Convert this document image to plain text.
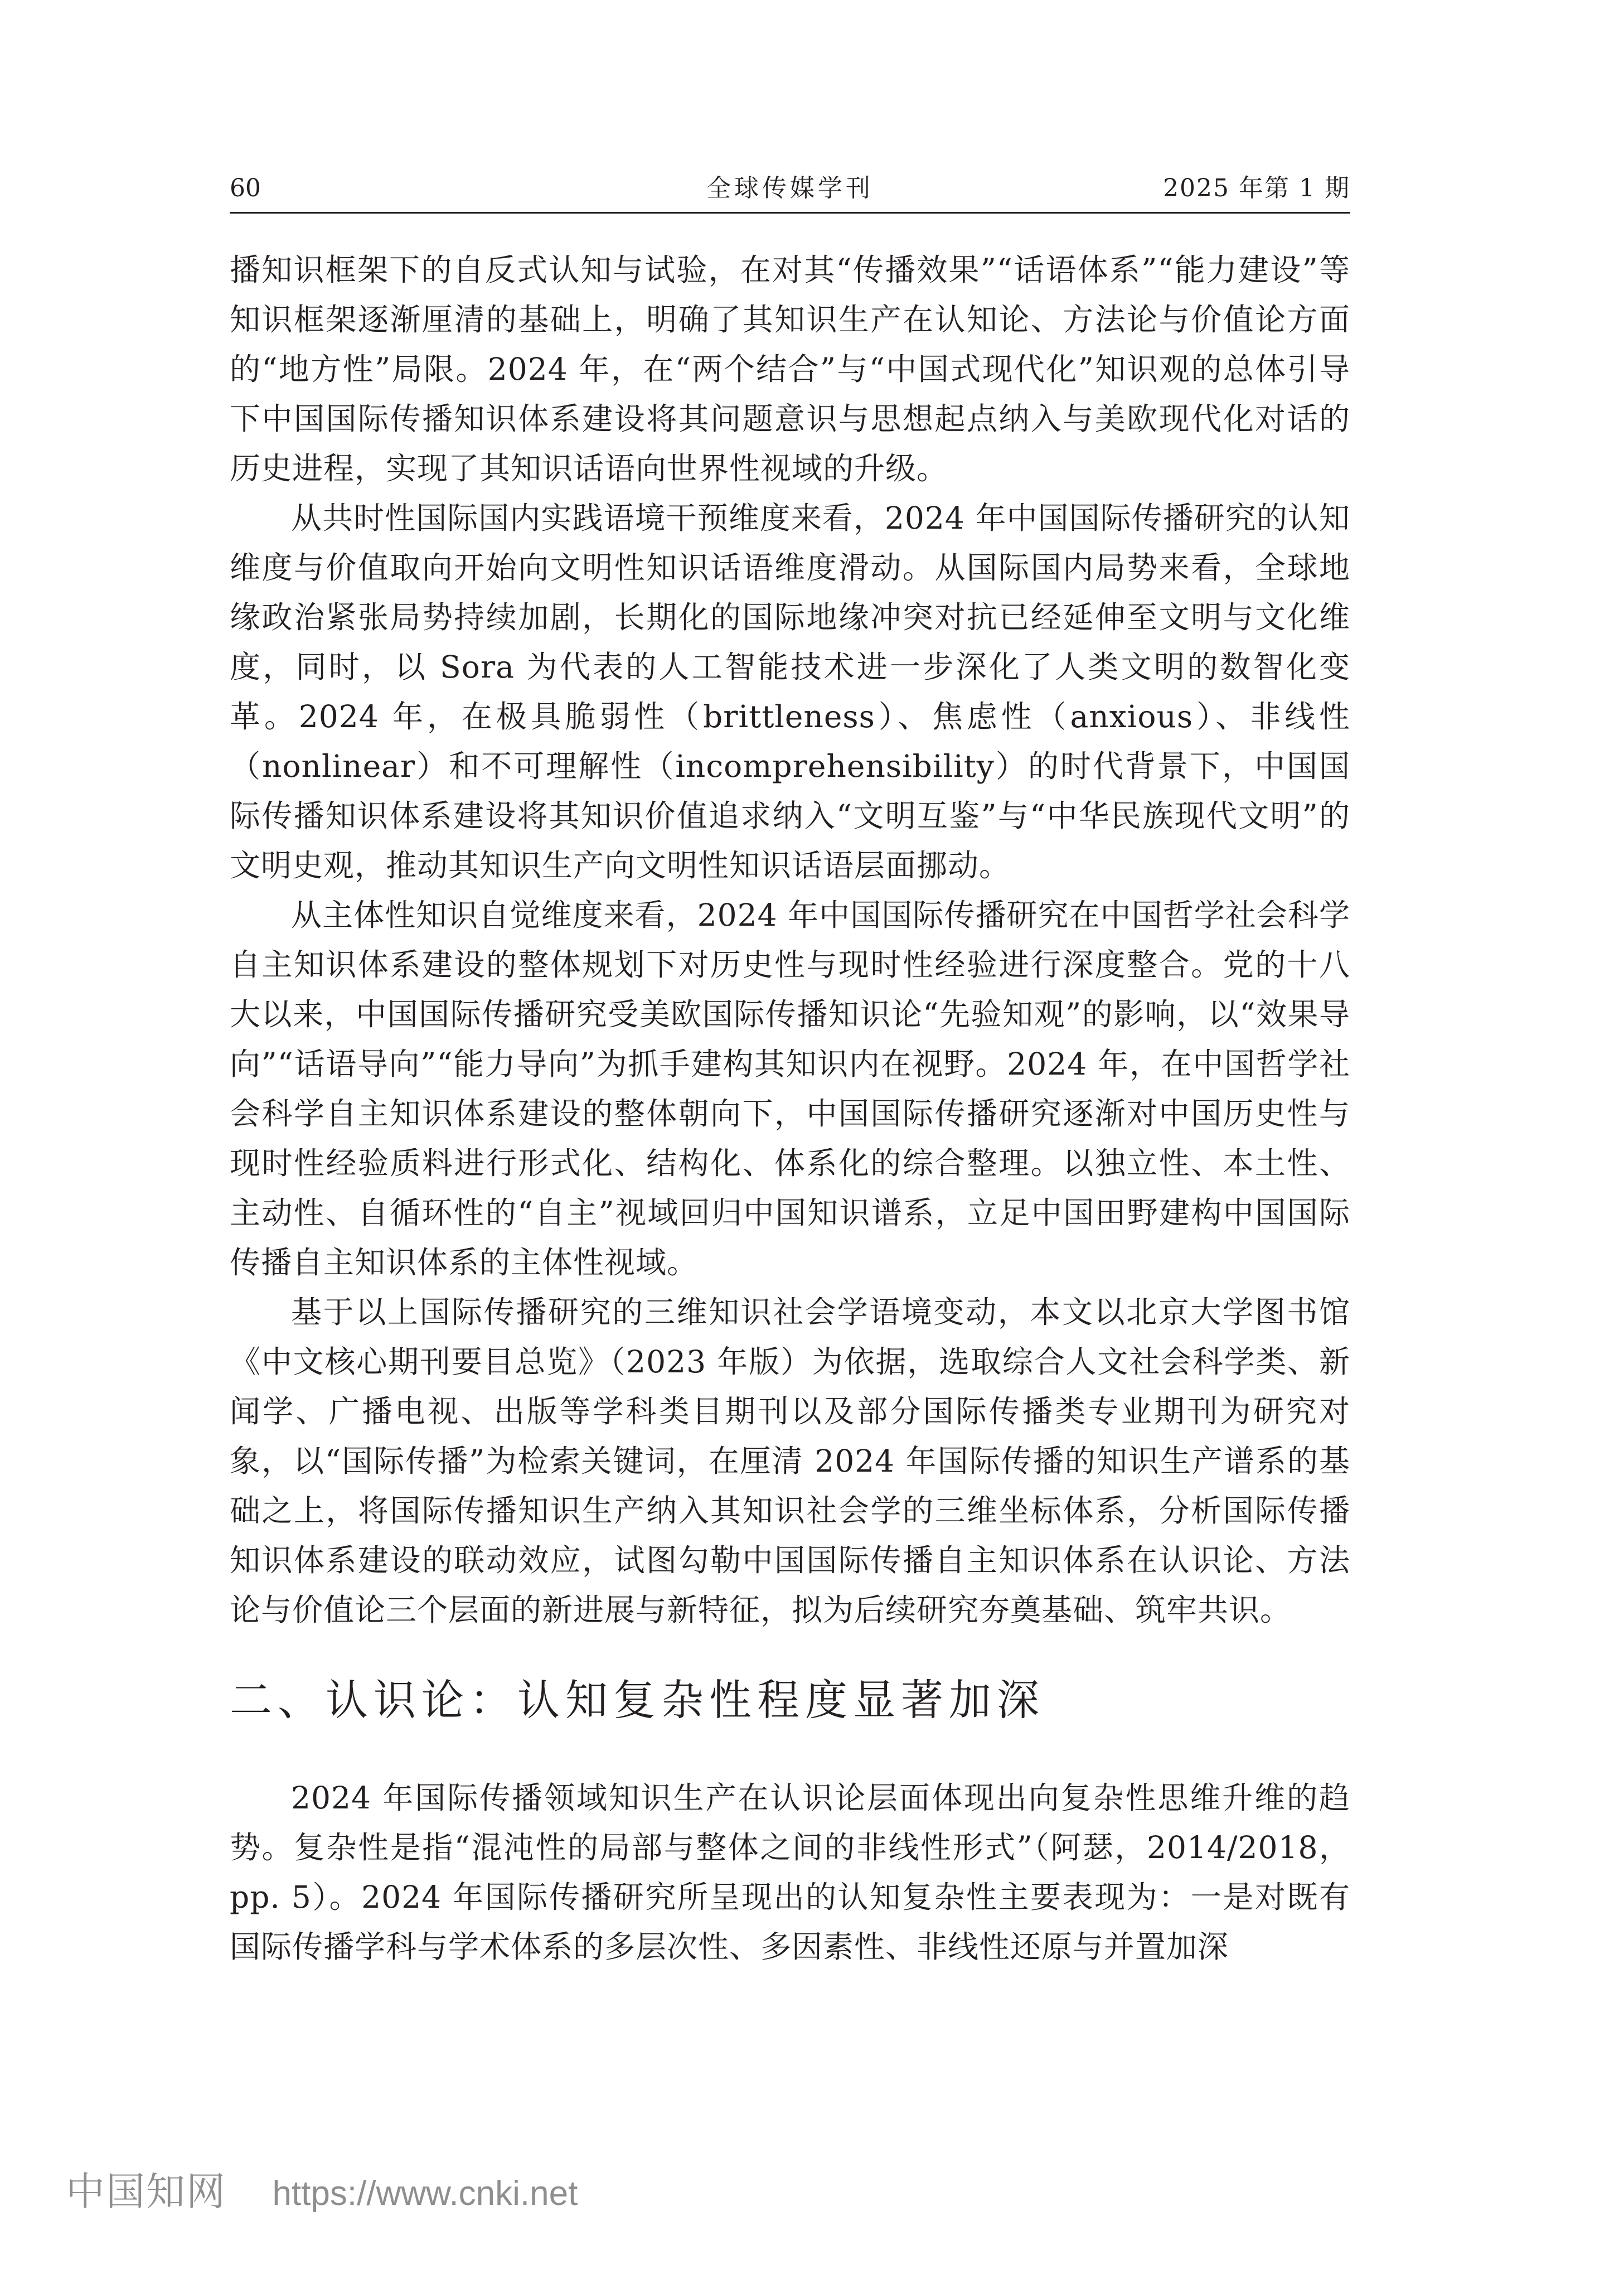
60	全球传媒学刊	2025 年第 1 期

播知识框架下的自反式认知与试验，在对其“传播效果”“话语体系”“能力建设”等知识框架逐渐厘清的基础上，明确了其知识生产在认知论、方法论与价值论方面的“地方性”局限。2024 年，在“两个结合”与“中国式现代化”知识观的总体引导下中国国际传播知识体系建设将其问题意识与思想起点纳入与美欧现代化对话的历史进程，实现了其知识话语向世界性视域的升级。

从共时性国际国内实践语境干预维度来看，2024 年中国国际传播研究的认知维度与价值取向开始向文明性知识话语维度滑动。从国际国内局势来看，全球地缘政治紧张局势持续加剧，长期化的国际地缘冲突对抗已经延伸至文明与文化维度，同时，以 Sora 为代表的人工智能技术进一步深化了人类文明的数智化变革。2024 年，在极具脆弱性（brittleness）、焦虑性（anxious）、非线性（nonlinear）和不可理解性（incomprehensibility）的时代背景下，中国国际传播知识体系建设将其知识价值追求纳入“文明互鉴”与“中华民族现代文明”的文明史观，推动其知识生产向文明性知识话语层面挪动。

从主体性知识自觉维度来看，2024 年中国国际传播研究在中国哲学社会科学自主知识体系建设的整体规划下对历史性与现时性经验进行深度整合。党的十八大以来，中国国际传播研究受美欧国际传播知识论“先验知观”的影响，以“效果导向”“话语导向”“能力导向”为抓手建构其知识内在视野。2024 年，在中国哲学社会科学自主知识体系建设的整体朝向下，中国国际传播研究逐渐对中国历史性与现时性经验质料进行形式化、结构化、体系化的综合整理。以独立性、本土性、主动性、自循环性的“自主”视域回归中国知识谱系，立足中国田野建构中国国际传播自主知识体系的主体性视域。

基于以上国际传播研究的三维知识社会学语境变动，本文以北京大学图书馆《中文核心期刊要目总览》（2023 年版）为依据，选取综合人文社会科学类、新闻学、广播电视、出版等学科类目期刊以及部分国际传播类专业期刊为研究对象，以“国际传播”为检索关键词，在厘清 2024 年国际传播的知识生产谱系的基础之上，将国际传播知识生产纳入其知识社会学的三维坐标体系，分析国际传播知识体系建设的联动效应，试图勾勒中国国际传播自主知识体系在认识论、方法论与价值论三个层面的新进展与新特征，拟为后续研究夯奠基础、筑牢共识。

二、认识论：认知复杂性程度显著加深

2024 年国际传播领域知识生产在认识论层面体现出向复杂性思维升维的趋势。复杂性是指“混沌性的局部与整体之间的非线性形式”（阿瑟，2014/2018，pp. 5）。2024 年国际传播研究所呈现出的认知复杂性主要表现为：一是对既有国际传播学科与学术体系的多层次性、多因素性、非线性还原与并置加深

中国知网 https://www.cnki.net
